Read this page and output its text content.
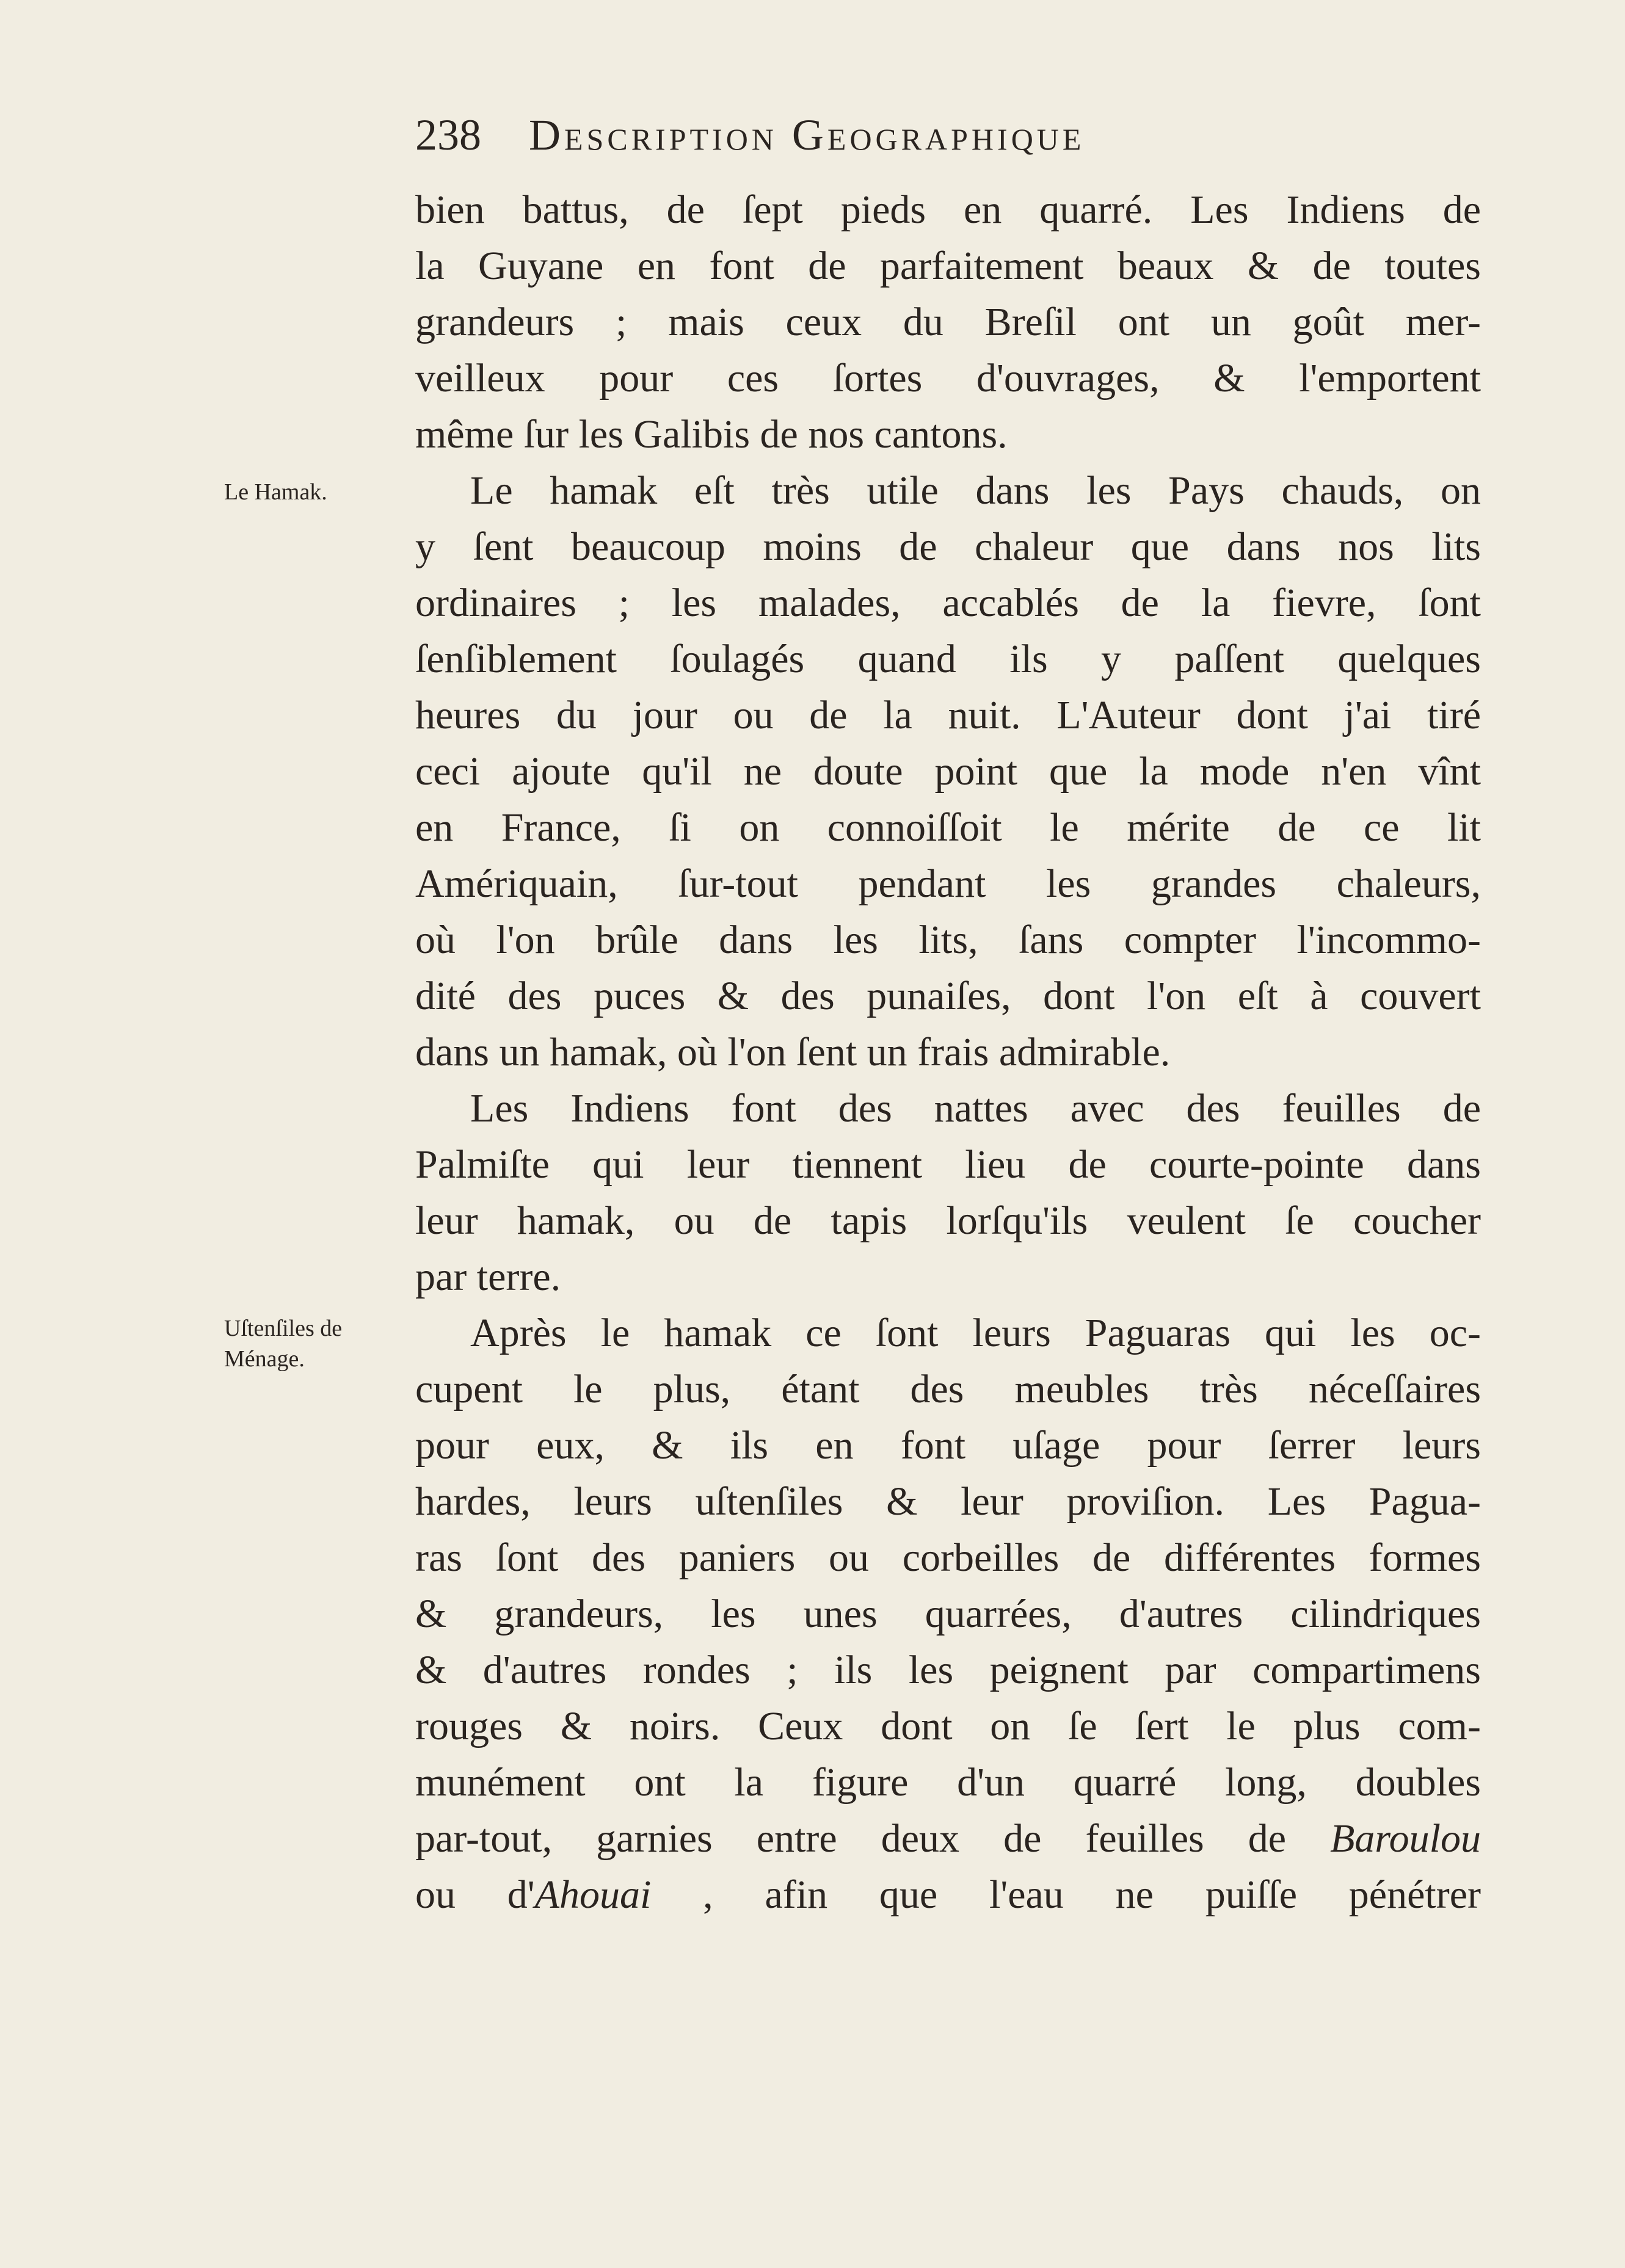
238 Description Geographique
Le Hamak.
Uſtenſiles de
Ménage.
bien battus, de ſept pieds en quarré. Les Indiens de
la Guyane en font de parfaitement beaux & de toutes
grandeurs ; mais ceux du Breſil ont un goût mer-
veilleux pour ces ſortes d'ouvrages, & l'emportent
même ſur les Galibis de nos cantons.
Le hamak eſt très utile dans les Pays chauds, on
y ſent beaucoup moins de chaleur que dans nos lits
ordinaires ; les malades, accablés de la fievre, ſont
ſenſiblement ſoulagés quand ils y paſſent quelques
heures du jour ou de la nuit. L'Auteur dont j'ai tiré
ceci ajoute qu'il ne doute point que la mode n'en vînt
en France, ſi on connoiſſoit le mérite de ce lit
Amériquain, ſur-tout pendant les grandes chaleurs,
où l'on brûle dans les lits, ſans compter l'incommo-
dité des puces & des punaiſes, dont l'on eſt à couvert
dans un hamak, où l'on ſent un frais admirable.
Les Indiens font des nattes avec des feuilles de
Palmiſte qui leur tiennent lieu de courte-pointe dans
leur hamak, ou de tapis lorſqu'ils veulent ſe coucher
par terre.
Après le hamak ce ſont leurs Paguaras qui les oc-
cupent le plus, étant des meubles très néceſſaires
pour eux, & ils en font uſage pour ſerrer leurs
hardes, leurs uſtenſiles & leur proviſion. Les Pagua-
ras ſont des paniers ou corbeilles de différentes formes
& grandeurs, les unes quarrées, d'autres cilindriques
& d'autres rondes ; ils les peignent par compartimens
rouges & noirs. Ceux dont on ſe ſert le plus com-
munément ont la figure d'un quarré long, doubles
par-tout, garnies entre deux de feuilles de Baroulou
ou d'Ahouai , afin que l'eau ne puiſſe pénétrer
